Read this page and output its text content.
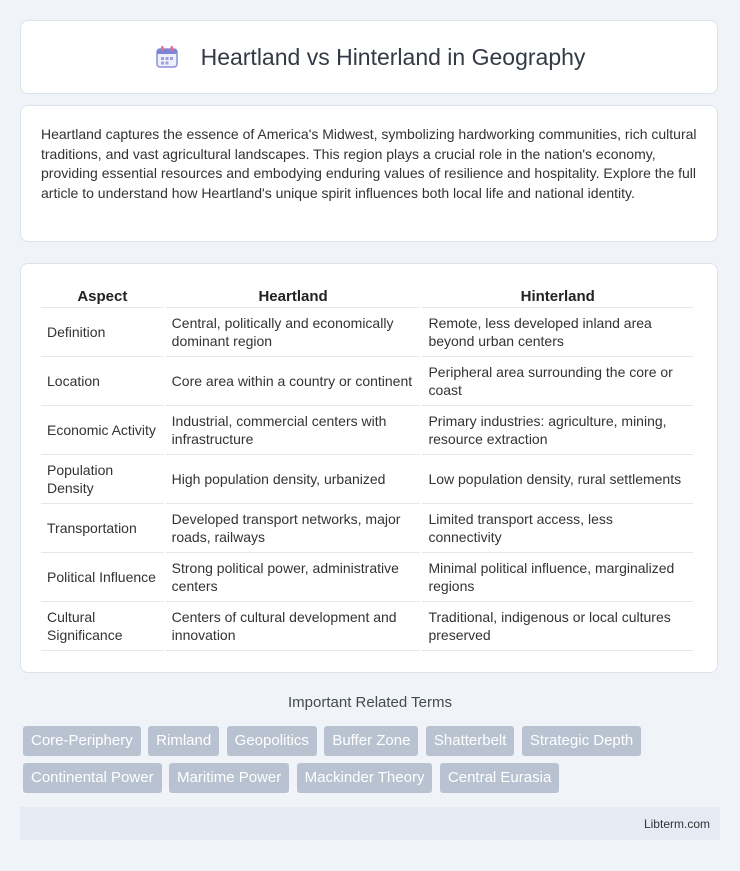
Heartland vs Hinterland in Geography

Heartland captures the essence of America's Midwest, symbolizing hardworking communities, rich cultural traditions, and vast agricultural landscapes. This region plays a crucial role in the nation's economy, providing essential resources and embodying enduring values of resilience and hospitality. Explore the full article to understand how Heartland's unique spirit influences both local life and national identity.

Aspect	Heartland	Hinterland
Definition	Central, politically and economically dominant region	Remote, less developed inland area beyond urban centers
Location	Core area within a country or continent	Peripheral area surrounding the core or coast
Economic Activity	Industrial, commercial centers with infrastructure	Primary industries: agriculture, mining, resource extraction
Population Density	High population density, urbanized	Low population density, rural settlements
Transportation	Developed transport networks, major roads, railways	Limited transport access, less connectivity
Political Influence	Strong political power, administrative centers	Minimal political influence, marginalized regions
Cultural Significance	Centers of cultural development and innovation	Traditional, indigenous or local cultures preserved
Important Related Terms
Core-Periphery Rimland Geopolitics Buffer Zone Shatterbelt Strategic Depth Continental Power Maritime Power Mackinder Theory Central Eurasia
Libterm.com
